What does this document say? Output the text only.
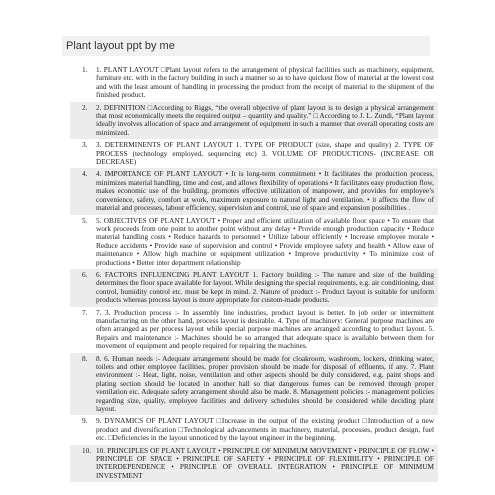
Plant layout ppt by me
1. 1. PLANT LAYOUT □Plant layout refers to the arrangement of physical facilities such as machinery, equipment, furniture etc. with in the factory building in such a manner so as to have quickest flow of material at the lowest cost and with the least amount of handling in processing the product from the receipt of material to the shipment of the finished product.
2. 2. DEFINITION □According to Riggs, “the overall objective of plant layout is to design a physical arrangement that most economically meets the required output – quantity and quality.” □ According to J. L. Zundi, “Plant layout ideally involves allocation of space and arrangement of equipment in such a manner that overall operating costs are minimized.
3. 3. DETERMINENTS OF PLANT LAYOUT 1. TYPE OF PRODUCT (size, shape and quality) 2. TYPE OF PROCESS (technology employed, sequencing etc) 3. VOLUME OF PRODUCTIONS- (INCREASE OR DECREASE)
4. 4. IMPORTANCE OF PLANT LAYOUT • It is long-term commitment • It facilitates the production process, minimizes material handling, time and cost, and allows flexibility of operations • It facilitates easy production flow, makes economic use of the building, promotes effective utilization of manpower, and provides for employee’s convenience, safety, comfort at work, maximum exposure to natural light and ventilation. • it affects the flow of material and processes, labour efficiency, supervision and control, use of space and expansion possibilities .
5. 5. OBJECTIVES OF PLANT LAYOUT • Proper and efficient utilization of available floor space • To ensure that work proceeds from one point to another point without any delay • Provide enough production capacity • Reduce material handling costs • Reduce hazards to personnel • Utilize labour efficiently • Increase employee morale • Reduce accidents • Provide ease of supervision and control • Provide employee safety and health • Allow ease of maintenance • Allow high machine or equipment utilization • Improve productivity • To minimize cost of productions • Better inter department relationship
6. 6. FACTORS INFLUENCING PLANT LAYOUT 1. Factory building :- The nature and size of the building determines the floor space available for layout. While designing the special requirements, e.g. air conditioning, dust control, humidity control etc. must be kept in mind. 2. Nature of product :- Product layout is suitable for uniform products whereas process layout is more appropriate for custom-made products.
7. 7. 3. Production process :- In assembly line industries, product layout is better. In job order or intermittent manufacturing on the other hand, process layout is desirable. 4. Type of machinery: General purpose machines are often arranged as per process layout while special purpose machines are arranged according to product layout. 5. Repairs and maintenance :- Machines should be so arranged that adequate space is available between them for movement of equipment and people required for repairing the machines.
8. 8. 6. Human needs :- Adequate arrangement should be made for cloakroom, washroom, lockers, drinking water, toilets and other employee facilities, proper provision should be made for disposal of effluents, if any. 7. Plant environment :- Heat, light, noise, ventilation and other aspects should be duly considered, e.g. paint shops and plating section should be located in another hall so that dangerous fumes can be removed through proper ventilation etc. Adequate safety arrangement should also be made. 8. Management policies :- management policies regarding size, quality, employee facilities and delivery schedules should be considered while deciding plant layout.
9. 9. DYNAMICS OF PLANT LAYOUT □Increase in the output of the existing product □Introduction of a new product and diversification □Technological advancements in machinery, material, processes, product design, fuel etc. □Deficiencies in the layout unnoticed by the layout engineer in the beginning.
10. 10. PRINCIPLES OF PLANT LAYOUT • PRINCIPLE OF MINIMUM MOVEMENT • PRINCIPLE OF FLOW • PRINCIPLE OF SPACE • PRINCIPLE OF SAFETY • PRINCIPLE OF FLEXIBILITY • PRINCIPLE OF INTERDEPENDENCE • PRINCIPLE OF OVERALL INTEGRATION • PRINCIPLE OF MINIMUM INVESTMENT
